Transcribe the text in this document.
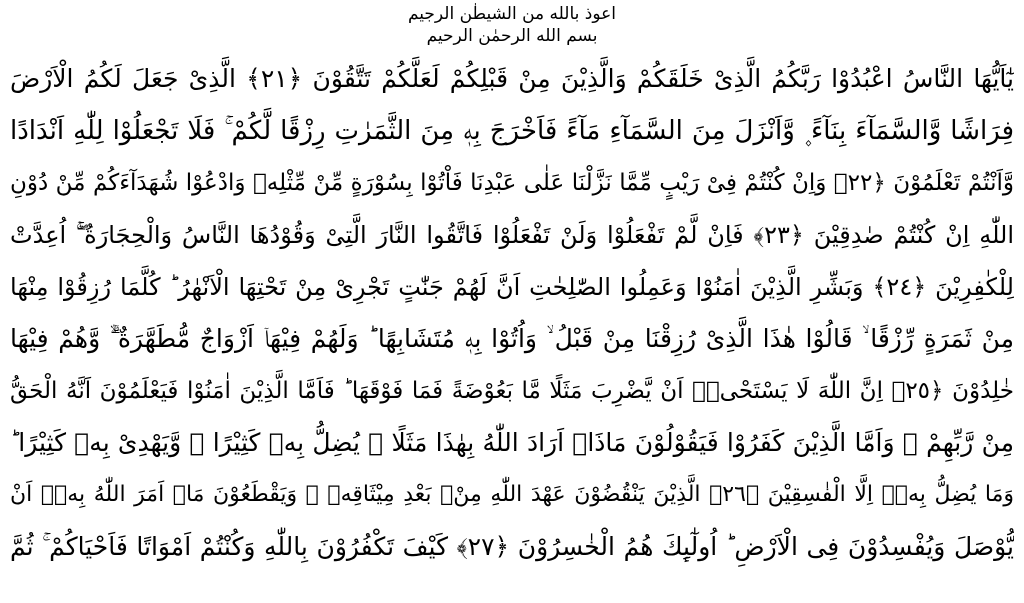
اعوذ بالله من الشيطٰن الرجيم
بسم الله الرحمٰن الرحيم
يٰٓاَيُّهَا النَّاسُ اعْبُدُوْا رَبَّكُمُ الَّذِیْ خَلَقَكُمْ وَالَّذِیْنَ مِنْ قَبْلِكُمْ لَعَلَّكُمْ تَتَّقُوْنَ ﴿٢١﴾ الَّذِیْ جَعَلَ لَكُمُ الْاَرْضَ
فِرَاشًا وَّالسَّمَآءَ بِنَآءً ۪ وَّاَنْزَلَ مِنَ السَّمَآءِ مَآءً فَاَخْرَجَ بِهٖ مِنَ الثَّمَرٰتِ رِزْقًا لَّكُمْ ۚ فَلَا تَجْعَلُوْا لِلّٰهِ اَنْدَادًا
وَّاَنْتُمْ تَعْلَمُوْنَ ﴿٢٢﴾ وَاِنْ كُنْتُمْ فِیْ رَیْبٍ مِّمَّا نَزَّلْنَا عَلٰی عَبْدِنَا فَاْتُوْا بِسُوْرَةٍ مِّنْ مِّثْلِهٖ وَادْعُوْا شُهَدَآءَكُمْ مِّنْ دُوْنِ
اللّٰهِ اِنْ كُنْتُمْ صٰدِقِیْنَ ﴿٢٣﴾ فَاِنْ لَّمْ تَفْعَلُوْا وَلَنْ تَفْعَلُوْا فَاتَّقُوا النَّارَ الَّتِیْ وَقُوْدُهَا النَّاسُ وَالْحِجَارَةُ ۖۚ اُعِدَّتْ
لِلْكٰفِرِیْنَ ﴿٢٤﴾ وَبَشِّرِ الَّذِیْنَ اٰمَنُوْا وَعَمِلُوا الصّٰلِحٰتِ اَنَّ لَهُمْ جَنّٰتٍ تَجْرِیْ مِنْ تَحْتِهَا الْاَنْهٰرُ ؕ كُلَّمَا رُزِقُوْا مِنْهَا
مِنْ ثَمَرَةٍ رِّزْقًا ۙ قَالُوْا هٰذَا الَّذِیْ رُزِقْنَا مِنْ قَبْلُ ۙ وَاُتُوْا بِهٖ مُتَشَابِهًا ؕ وَلَهُمْ فِیْهَاۤ اَزْوَاجٌ مُّطَهَّرَةٌ ۙۗ وَّهُمْ فِیْهَا
خٰلِدُوْنَ ﴿٢٥﴾ اِنَّ اللّٰهَ لَا یَسْتَحْیٖۤ اَنْ یَّضْرِبَ مَثَلًا مَّا بَعُوْضَةً فَمَا فَوْقَهَا ؕ فَاَمَّا الَّذِیْنَ اٰمَنُوْا فَیَعْلَمُوْنَ اَنَّهُ الْحَقُّ
مِنْ رَّبِّهِمْ ۚ وَاَمَّا الَّذِیْنَ كَفَرُوْا فَیَقُوْلُوْنَ مَاذَاۤ اَرَادَ اللّٰهُ بِهٰذَا مَثَلًا ۘ یُضِلُّ بِهٖ كَثِیْرًا ۙ وَّیَهْدِیْ بِهٖ كَثِیْرًا ؕ
وَمَا یُضِلُّ بِهٖۤ اِلَّا الْفٰسِقِیْنَ ﴿٢٦﴾ الَّذِیْنَ یَنْقُضُوْنَ عَهْدَ اللّٰهِ مِنْۢ بَعْدِ مِیْثَاقِهٖ ۪ وَیَقْطَعُوْنَ مَاۤ اَمَرَ اللّٰهُ بِهٖۤ اَنْ
یُّوْصَلَ وَیُفْسِدُوْنَ فِی الْاَرْضِ ؕ اُولٰٓىِٕكَ هُمُ الْخٰسِرُوْنَ ﴿٢٧﴾ كَیْفَ تَكْفُرُوْنَ بِاللّٰهِ وَكُنْتُمْ اَمْوَاتًا فَاَحْیَاكُمْ ۚ ثُمَّ
